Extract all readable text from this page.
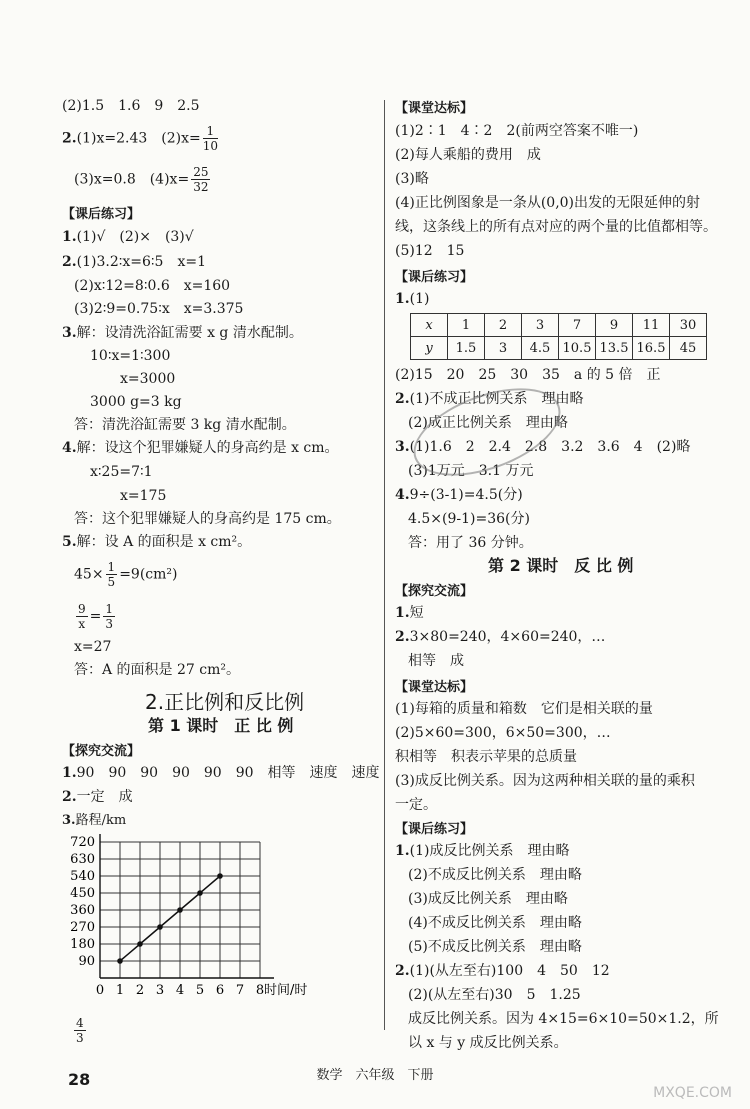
(2)1.5　1.6　9　2.5
2.(1)x=2.43　$(2)x= \frac{1}{10}$
(3)x=0.8　$(4)x= \frac{25}{32}$
【课后练习】
1.(1)√　(2)×　(3)√
2.(1)3.2∶x=6∶5　x=1
(2)x∶12=8∶0.6　x=160
(3)2∶9=0.75∶x　x=3.375
3.解：设清洗浴缸需要 x g 清水配制。
10∶x=1∶300
x=3000
3000 g=3 kg
答：清洗浴缸需要 3 kg 清水配制。
4.解：设这个犯罪嫌疑人的身高约是 x cm。
x∶25=7∶1
x=175
答：这个犯罪嫌疑人的身高约是 175 cm。
5.解：设 A 的面积是 x cm²。
$45\times \frac{1}{5} =9(cm^2)$
$\frac{9}{x} = \frac{1}{3}$
x=27
答：A 的面积是 27 cm²。
2.正比例和反比例
第 1 课时　正 比 例
【探究交流】
1.90　90　90　90　90　90　相等　速度　速度
2.一定　成
3.路程/km
0 1 2 3 4 5 6 7 8
90
180
270
360
450
540
630
720
时间/时
$\frac{4}{3}$
【课堂达标】
(1)2∶1　4∶2　2(前两空答案不唯一)
(2)每人乘船的费用　成
(3)略
(4)正比例图象是一条从(0,0)出发的无限延伸的射
线，这条线上的所有点对应的两个量的比值都相等。
(5)12　15
【课后练习】
1.(1)
x	1	2	3	7	9	11	30
y	1.5	3	4.5	10.5	13.5	16.5	45
(2)15　20　25　30　35　a 的 5 倍　正
2.(1)不成正比例关系　理由略
(2)成正比例关系　理由略
3.(1)1.6　2　2.4　2.8　3.2　3.6　4　(2)略
(3)1万元　3.1 万元
4.9÷(3-1)=4.5(分)
4.5×(9-1)=36(分)
答：用了 36 分钟。
第 2 课时　反 比 例
【探究交流】
1.短
2.3×80=240，4×60=240，…
相等　成
【课堂达标】
(1)每箱的质量和箱数　它们是相关联的量
(2)5×60=300，6×50=300，…
积相等　积表示苹果的总质量
(3)成反比例关系。因为这两种相关联的量的乘积
一定。
【课后练习】
1.(1)成反比例关系　理由略
(2)不成反比例关系　理由略
(3)成反比例关系　理由略
(4)不成反比例关系　理由略
(5)不成反比例关系　理由略
2.(1)(从左至右)100　4　50　12
(2)(从左至右)30　5　1.25
成反比例关系。因为 4×15=6×10=50×1.2，所
以 x 与 y 成反比例关系。
28	数学　六年级　下册
MXQE.COM
